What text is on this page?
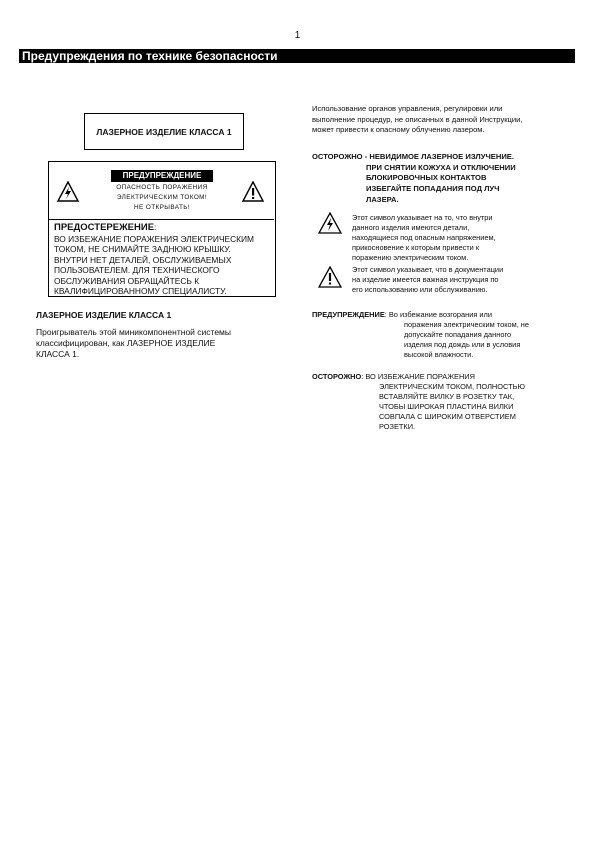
1
Предупреждения по технике безопасности
ЛАЗЕРНОЕ ИЗДЕЛИЕ КЛАССА 1
ПРЕДУПРЕЖДЕНИЕ
ОПАСНОСТЬ ПОРАЖЕНИЯ
ЭЛЕКТРИЧЕСКИМ ТОКОМ!
НЕ ОТКРЫВАТЬ!
ПРЕДОСТЕРЕЖЕНИЕ:
ВО ИЗБЕЖАНИЕ ПОРАЖЕНИЯ ЭЛЕКТРИЧЕСКИМ
ТОКОМ, НЕ СНИМАЙТЕ ЗАДНЮЮ КРЫШКУ.
ВНУТРИ НЕТ ДЕТАЛЕЙ, ОБСЛУЖИВАЕМЫХ
ПОЛЬЗОВАТЕЛЕМ. ДЛЯ ТЕХНИЧЕСКОГО
ОБСЛУЖИВАНИЯ ОБРАЩАЙТЕСЬ К
КВАЛИФИЦИРОВАННОМУ СПЕЦИАЛИСТУ.
ЛАЗЕРНОЕ ИЗДЕЛИЕ КЛАССА 1
Проигрыватель этой миникомпонентной системы
классифицирован, как ЛАЗЕРНОЕ ИЗДЕЛИЕ
КЛАССА 1.
Использование органов управления, регулировки или
выполнение процедур, не описанных в данной Инструкции,
может привести к опасному облучению лазером.
ОСТОРОЖНО - НЕВИДИМОЕ ЛАЗЕРНОЕ ИЗЛУЧЕНИЕ.
ПРИ СНЯТИИ КОЖУХА И ОТКЛЮЧЕНИИ
БЛОКИРОВОЧНЫХ КОНТАКТОВ
ИЗБЕГАЙТЕ ПОПАДАНИЯ ПОД ЛУЧ
ЛАЗЕРА.
Этот символ указывает на то, что внутри
данного изделия имеются детали,
находящиеся под опасным напряжением,
прикосновение к которым привести к
поражению электрическим током.
Этот символ указывает, что в документации
на изделие имеется важная инструкция по
его использованию или обслуживанию.
ПРЕДУПРЕЖДЕНИЕ: Во избежание возгорания или
поражения электрическим током, не
допускайте попадания данного
изделия под дождь или в условия
высокой влажности.
ОСТОРОЖНО: ВО ИЗБЕЖАНИЕ ПОРАЖЕНИЯ
ЭЛЕКТРИЧЕСКИМ ТОКОМ, ПОЛНОСТЬЮ
ВСТАВЛЯЙТЕ ВИЛКУ В РОЗЕТКУ ТАК,
ЧТОБЫ ШИРОКАЯ ПЛАСТИНА ВИЛКИ
СОВПАЛА С ШИРОКИМ ОТВЕРСТИЕМ
РОЗЕТКИ.
